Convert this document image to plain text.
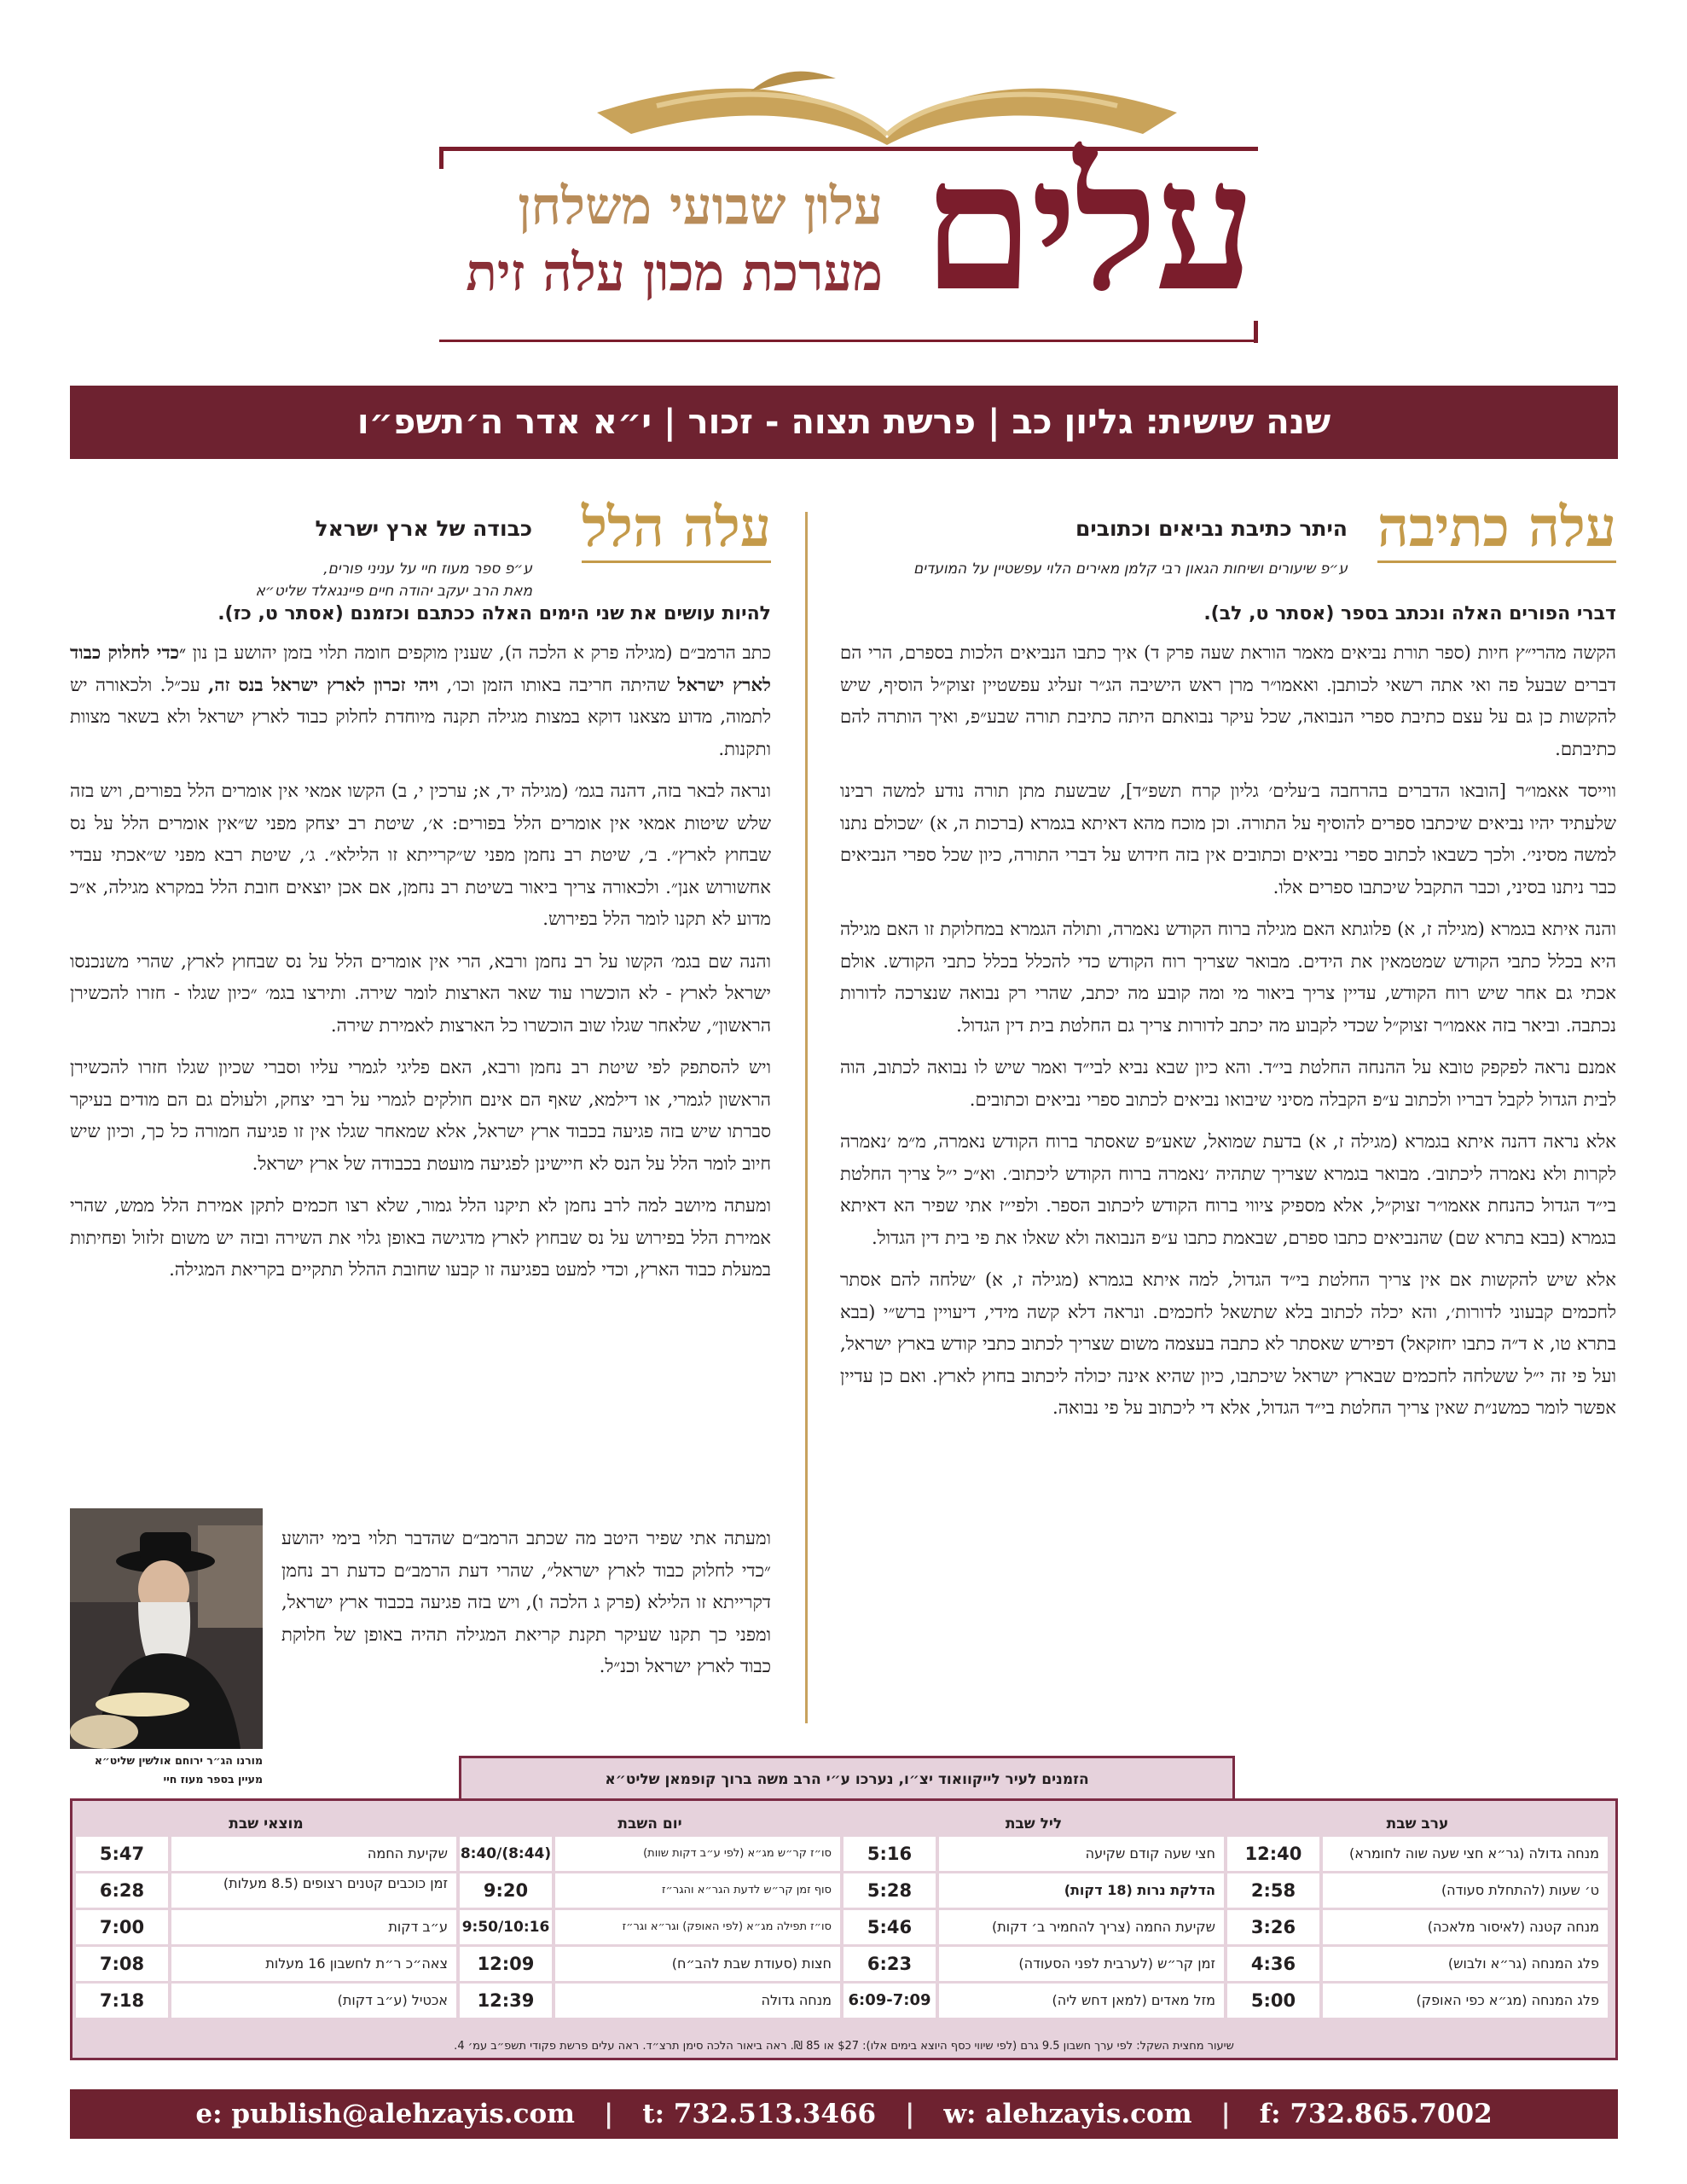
עלים
עלון שבועי משלחן
מערכת מכון עלה זית
שנה שישית: גליון כב | פרשת תצוה - זכור | י״א אדר ה׳תשפ״ו
עלה כתיבה
היתר כתיבת נביאים וכתובים
ע״פ שיעורים ושיחות הגאון רבי קלמן מאירים הלוי עפשטיין על המועדים
דברי הפורים האלה ונכתב בספר (אסתר ט, לב).

הקשה מהרי״ץ חיות (ספר תורת נביאים מאמר הוראת שעה פרק ד) איך כתבו הנביאים הלכות בספרם, הרי הם דברים שבעל פה ואי אתה רשאי לכותבן. ואאמו״ר מרן ראש הישיבה הג״ר זעליג עפשטיין זצוק״ל הוסיף, שיש להקשות כן גם על עצם כתיבת ספרי הנבואה, שכל עיקר נבואתם היתה כתיבת תורה שבע״פ, ואיך הותרה להם כתיבתם.

ווייסד אאמו״ר [הובאו הדברים בהרחבה ב׳עלים׳ גליון קרח תשפ״ד], שבשעת מתן תורה נודע למשה רבינו שלעתיד יהיו נביאים שיכתבו ספרים להוסיף על התורה. וכן מוכח מהא דאיתא בגמרא (ברכות ה, א) ׳שכולם נתנו למשה מסיני׳. ולכך כשבאו לכתוב ספרי נביאים וכתובים אין בזה חידוש על דברי התורה, כיון שכל ספרי הנביאים כבר ניתנו בסיני, וכבר התקבל שיכתבו ספרים אלו.

והנה איתא בגמרא (מגילה ז, א) פלוגתא האם מגילה ברוח הקודש נאמרה, ותולה הגמרא במחלוקת זו האם מגילה היא בכלל כתבי הקודש שמטמאין את הידים. מבואר שצריך רוח הקודש כדי להכלל בכלל כתבי הקודש. אולם אכתי גם אחר שיש רוח הקודש, עדיין צריך ביאור מי ומה קובע מה יכתב, שהרי רק נבואה שנצרכה לדורות נכתבה. וביאר בזה אאמו״ר זצוק״ל שכדי לקבוע מה יכתב לדורות צריך גם החלטת בית דין הגדול.

אמנם נראה לפקפק טובא על ההנחה החלטת בי״ד. והא כיון שבא נביא לבי״ד ואמר שיש לו נבואה לכתוב, הוה לבית הגדול לקבל דבריו ולכתוב ע״פ הקבלה מסיני שיבואו נביאים לכתוב ספרי נביאים וכתובים.

אלא נראה דהנה איתא בגמרא (מגילה ז, א) בדעת שמואל, שאע״פ שאסתר ברוח הקודש נאמרה, מ״מ ׳נאמרה לקרות ולא נאמרה ליכתוב׳. מבואר בגמרא שצריך שתהיה ׳נאמרה ברוח הקודש ליכתוב׳. וא״כ י״ל צריך החלטת בי״ד הגדול כהנחת אאמו״ר זצוק״ל, אלא מספיק ציווי ברוח הקודש ליכתוב הספר. ולפי״ז אתי שפיר הא דאיתא בגמרא (בבא בתרא שם) שהנביאים כתבו ספרם, שבאמת כתבו ע״פ הנבואה ולא שאלו את פי בית דין הגדול.

אלא שיש להקשות אם אין צריך החלטת בי״ד הגדול, למה איתא בגמרא (מגילה ז, א) ׳שלחה להם אסתר לחכמים קבעוני לדורות׳, והא יכלה לכתוב בלא שתשאל לחכמים. ונראה דלא קשה מידי, דיעויין ברש״י (בבא בתרא טו, א ד״ה כתבו יחזקאל) דפירש שאסתר לא כתבה בעצמה משום שצריך לכתוב כתבי קודש בארץ ישראל, ועל פי זה י״ל ששלחה לחכמים שבארץ ישראל שיכתבו, כיון שהיא אינה יכולה ליכתוב בחוץ לארץ. ואם כן עדיין אפשר לומר כמשנ״ת שאין צריך החלטת בי״ד הגדול, אלא די ליכתוב על פי נבואה.

עלה הלל
כבודה של ארץ ישראל
ע״פ ספר מעוז חיי על עניני פורים,
מאת הרב יעקב יהודה חיים פיינגאלד שליט״א
להיות עושים את שני הימים האלה ככתבם וכזמנם (אסתר ט, כז).

כתב הרמב״ם (מגילה פרק א הלכה ה), שענין מוקפים חומה תלוי בזמן יהושע בן נון ״כדי לחלוק כבוד לארץ ישראל שהיתה חריבה באותו הזמן וכו׳, ויהי זכרון לארץ ישראל בנס זה, עכ״ל. ולכאורה יש לתמוה, מדוע מצאנו דוקא במצות מגילה תקנה מיוחדת לחלוק כבוד לארץ ישראל ולא בשאר מצוות ותקנות.

ונראה לבאר בזה, דהנה בגמ׳ (מגילה יד, א; ערכין י, ב) הקשו אמאי אין אומרים הלל בפורים, ויש בזה שלש שיטות אמאי אין אומרים הלל בפורים: א׳, שיטת רב יצחק מפני ש״אין אומרים הלל על נס שבחוץ לארץ״. ב׳, שיטת רב נחמן מפני ש״קרייתא זו הלילא״. ג׳, שיטת רבא מפני ש״אכתי עבדי אחשורוש אנן״. ולכאורה צריך ביאור בשיטת רב נחמן, אם אכן יוצאים חובת הלל במקרא מגילה, א״כ מדוע לא תקנו לומר הלל בפירוש.

והנה שם בגמ׳ הקשו על רב נחמן ורבא, הרי אין אומרים הלל על נס שבחוץ לארץ, שהרי משנכנסו ישראל לארץ - לא הוכשרו עוד שאר הארצות לומר שירה. ותירצו בגמ׳ ״כיון שגלו - חזרו להכשירן הראשון״, שלאחר שגלו שוב הוכשרו כל הארצות לאמירת שירה.

ויש להסתפק לפי שיטת רב נחמן ורבא, האם פליגי לגמרי עליו וסברי שכיון שגלו חזרו להכשירן הראשון לגמרי, או דילמא, שאף הם אינם חולקים לגמרי על רבי יצחק, ולעולם גם הם מודים בעיקר סברתו שיש בזה פגיעה בכבוד ארץ ישראל, אלא שמאחר שגלו אין זו פגיעה חמורה כל כך, וכיון שיש חיוב לומר הלל על הנס לא חיישינן לפגיעה מועטת בכבודה של ארץ ישראל.

ומעתה מיושב למה לרב נחמן לא תיקנו הלל גמור, שלא רצו חכמים לתקן אמירת הלל ממש, שהרי אמירת הלל בפירוש על נס שבחוץ לארץ מדגישה באופן גלוי את השירה ובזה יש משום זלזול ופחיתות במעלת כבוד הארץ, וכדי למעט בפגיעה זו קבעו שחובת ההלל תתקיים בקריאת המגילה.

מורנו הג״ר ירוחם אולשין שליט״א
מעיין בספר מעוז חיי

ומעתה אתי שפיר היטב מה שכתב הרמב״ם שהדבר תלוי בימי יהושע ״כדי לחלוק כבוד לארץ ישראל״, שהרי דעת הרמב״ם כדעת רב נחמן דקרייתא זו הלילא (פרק ג הלכה ו), ויש בזה פגיעה בכבוד ארץ ישראל, ומפני כך תקנו שעיקר תקנת קריאת המגילה תהיה באופן של חלוקת כבוד לארץ ישראל וכנ״ל.

הזמנים לעיר לייקוואוד יצ״ו, נערכו ע״י הרב משה ברוך קופמאן שליט״א
ערב שבת
מנחה גדולה (גר״א חצי שעה שוה לחומרא)
12:40
ט׳ שעות (להתחלת סעודה)
2:58
מנחה קטנה (לאיסור מלאכה)
3:26
פלג המנחה (גר״א ולבוש)
4:36
פלג המנחה (מג״א כפי האופק)
5:00
ליל שבת
חצי שעה קודם שקיעה
5:16
הדלקת נרות (18 דקות)
5:28
שקיעת החמה (צריך להחמיר ב׳ דקות)
5:46
זמן קר״ש (לערבית לפני הסעודה)
6:23
מזל מאדים (למאן דחש ליה)
6:09-7:09
יום השבת
סו״ז קר״ש מג״א (לפי ע״ב דקות שוות)
8:40/(8:44)
סוף זמן קר״ש לדעת הגר״א והגר״ז
9:20
סו״ז תפילה מג״א (לפי האופק) וגר״א וגר״ז
9:50/10:16
חצות (סעודת שבת להב״ח)
12:09
מנחה גדולה
12:39
מוצאי שבת
שקיעת החמה
5:47
זמן כוכבים קטנים רצופים (8.5 מעלות)
6:28
ע״ב דקות
7:00
צאה״כ ר״ת לחשבון 16 מעלות
7:08
אכטיל (ע״ב דקות)
7:18
שיעור מחצית השקל: לפי ערך חשבון 9.5 גרם (לפי שיווי כסף היוצא בימים אלו): $27 או 85 ₪. ראה ביאור הלכה סימן תרצ״ד. ראה עלים פרשת פקודי תשפ״ב עמ׳ 4.
e: publish@alehzayis.com | t: 732.513.3466 | w: alehzayis.com | f: 732.865.7002
